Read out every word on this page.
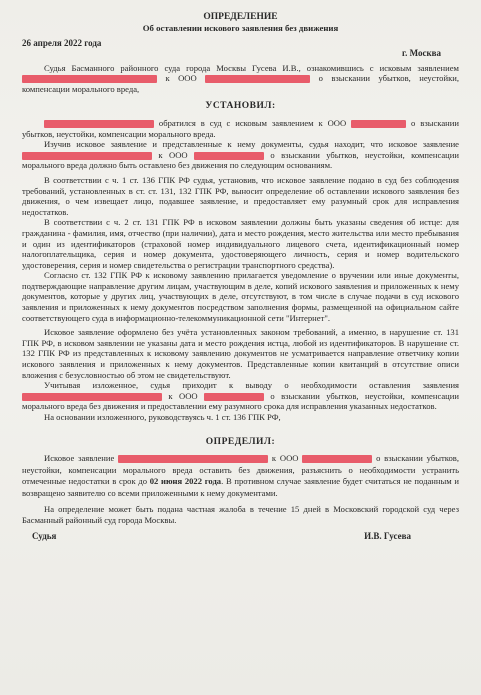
ОПРЕДЕЛЕНИЕ
Об оставлении искового заявления без движения
26 апреля 2022 года
г. Москва

Судья Басманного районного суда города Москвы Гусева И.В., ознакомившись с исковым заявлением  к ООО	о взыскании убытков, неустойки, компенсации морального вреда,

УСТАНОВИЛ:

обратился в суд с исковым заявлением к ООО	о взыскании убытков, неустойки, компенсации морального вреда.

Изучив исковое заявление и представленные к нему документы, судья находит, что исковое заявление  к ООО	о взыскании убытков, неустойки, компенсации морального вреда должно быть оставлено без движения по следующим основаниям.

В соответствии с ч. 1 ст. 136 ГПК РФ судья, установив, что исковое заявление подано в суд без соблюдения требований, установленных в ст. ст. 131, 132 ГПК РФ, выносит определение об оставлении искового заявления без движения, о чем извещает лицо, подавшее заявление, и предоставляет ему разумный срок для исправления недостатков.

В соответствии с ч. 2 ст. 131 ГПК РФ в исковом заявлении должны быть указаны сведения об истце: для гражданина - фамилия, имя, отчество (при наличии), дата и место рождения, место жительства или место пребывания и один из идентификаторов (страховой номер индивидуального лицевого счета, идентификационный номер налогоплательщика, серия и номер документа, удостоверяющего личность, серия и номер водительского удостоверения, серия и номер свидетельства о регистрации транспортного средства).

Согласно ст. 132 ГПК РФ к исковому заявлению прилагается уведомление о вручении или иные документы, подтверждающие направление другим лицам, участвующим в деле, копий искового заявления и приложенных к нему документов, которые у других лиц, участвующих в деле, отсутствуют, в том числе в случае подачи в суд искового заявления и приложенных к нему документов посредством заполнения формы, размещенной на официальном сайте соответствующего суда в информационно-телекоммуникационной сети "Интернет".

Исковое заявление оформлено без учёта установленных законом требований, а именно, в нарушение ст. 131 ГПК РФ, в исковом заявлении не указаны дата и место рождения истца, любой из идентификаторов. В нарушение ст. 132 ГПК РФ из представленных к исковому заявлению документов не усматривается направление ответчику копии искового заявления и приложенных к нему документов. Представленные копии квитанций в отсутствие описи вложения с безусловностью об этом не свидетельствуют.

Учитывая изложенное, судья приходит к выводу о необходимости оставления заявления  к ООО	о взыскании убытков, неустойки, компенсации морального вреда без движения и предоставлении ему разумного срока для исправления указанных недостатков.

На основании изложенного, руководствуясь ч. 1 ст. 136 ГПК РФ,

ОПРЕДЕЛИЛ:

Исковое заявление	к ООО	о взыскании убытков, неустойки, компенсации морального вреда оставить без движения, разъяснить о необходимости устранить отмеченные недостатки в срок до 02 июня 2022 года. В противном случае заявление будет считаться не поданным и возвращено заявителю со всеми приложенными к нему документами.

На определение может быть подана частная жалоба в течение 15 дней в Московский городской суд через Басманный районный суд города Москвы.

Судья	И.В. Гусева
